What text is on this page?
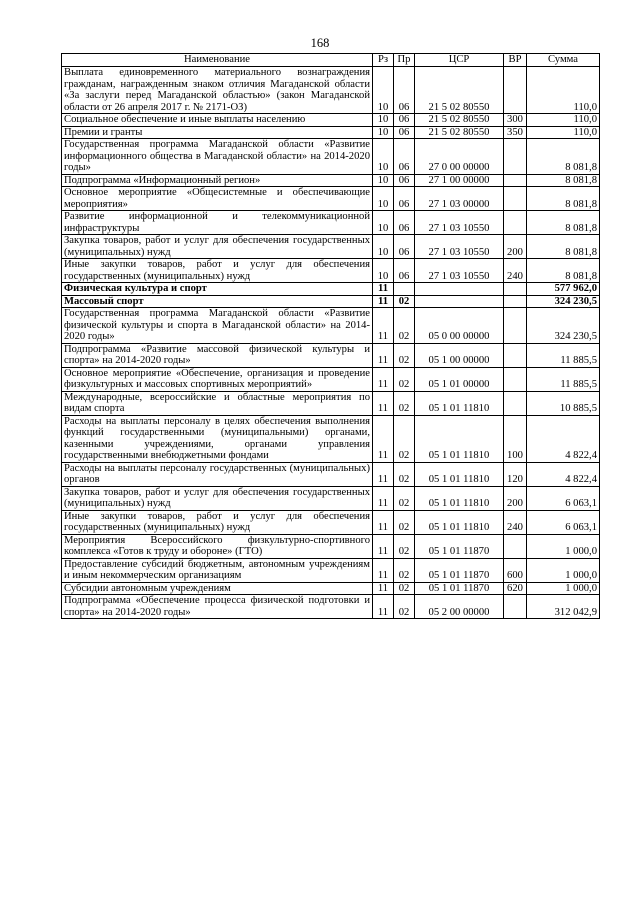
168
Наименование	Рз	Пр	ЦСР	ВР	Сумма
Выплата единовременного материального вознаграждения гражданам, награжденным знаком отличия Магаданской области «За заслуги перед Магаданской областью» (закон Магаданской области от 26 апреля 2017 г. № 2171-ОЗ)	10	06	21 5 02 80550		110,0
Социальное обеспечение и иные выплаты населению	10	06	21 5 02 80550	300	110,0
Премии и гранты	10	06	21 5 02 80550	350	110,0
Государственная программа Магаданской области «Развитие информационного общества в Магаданской области» на 2014-2020 годы»	10	06	27 0 00 00000		8 081,8
Подпрограмма «Информационный регион»	10	06	27 1 00 00000		8 081,8
Основное мероприятие «Общесистемные и обеспечивающие мероприятия»	10	06	27 1 03 00000		8 081,8
Развитие информационной и телекоммуникационной инфраструктуры	10	06	27 1 03 10550		8 081,8
Закупка товаров, работ и услуг для обеспечения государственных (муниципальных) нужд	10	06	27 1 03 10550	200	8 081,8
Иные закупки товаров, работ и услуг для обеспечения государственных (муниципальных) нужд	10	06	27 1 03 10550	240	8 081,8
Физическая культура и спорт	11				577 962,0
Массовый спорт	11	02			324 230,5
Государственная программа Магаданской области «Развитие физической культуры и спорта в Магаданской области» на 2014-2020 годы»	11	02	05 0 00 00000		324 230,5
Подпрограмма «Развитие массовой физической культуры и спорта» на 2014-2020 годы»	11	02	05 1 00 00000		11 885,5
Основное мероприятие «Обеспечение, организация и проведение физкультурных и массовых спортивных мероприятий»	11	02	05 1 01 00000		11 885,5
Международные, всероссийские и областные мероприятия по видам спорта	11	02	05 1 01 11810		10 885,5
Расходы на выплаты персоналу в целях обеспечения выполнения функций государственными (муниципальными) органами, казенными учреждениями, органами управления государственными внебюджетными фондами	11	02	05 1 01 11810	100	4 822,4
Расходы на выплаты персоналу государственных (муниципальных) органов	11	02	05 1 01 11810	120	4 822,4
Закупка товаров, работ и услуг для обеспечения государственных (муниципальных) нужд	11	02	05 1 01 11810	200	6 063,1
Иные закупки товаров, работ и услуг для обеспечения государственных (муниципальных) нужд	11	02	05 1 01 11810	240	6 063,1
Мероприятия Всероссийского физкультурно-спортивного комплекса «Готов к труду и обороне» (ГТО)	11	02	05 1 01 11870		1 000,0
Предоставление субсидий бюджетным, автономным учреждениям и иным некоммерческим организациям	11	02	05 1 01 11870	600	1 000,0
Субсидии автономным учреждениям	11	02	05 1 01 11870	620	1 000,0
Подпрограмма «Обеспечение процесса физической подготовки и спорта» на 2014-2020 годы»	11	02	05 2 00 00000		312 042,9
